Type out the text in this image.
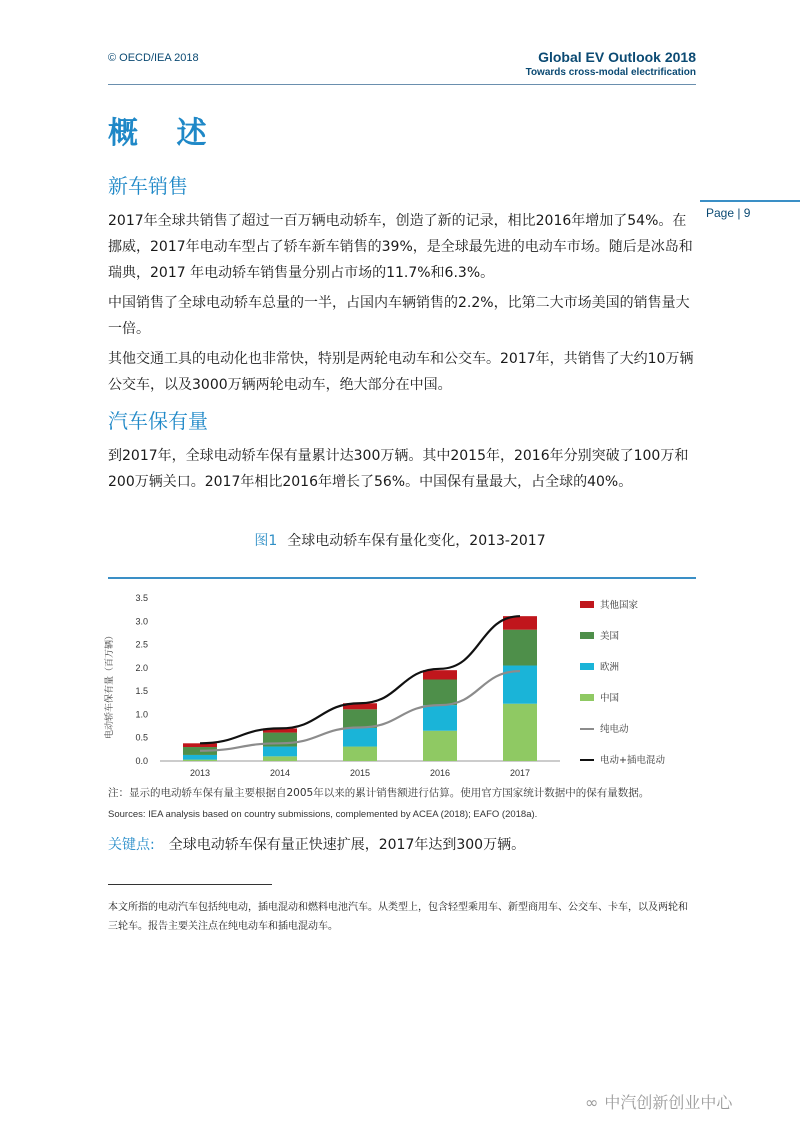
© OECD/IEA 2018	Global EV Outlook 2018
Towards cross-modal electrification
Page | 9
概 述
新车销售

2017年全球共销售了超过一百万辆电动轿车，创造了新的记录，相比2016年增加了54%。在挪威，2017年电动车型占了轿车新车销售的39%，是全球最先进的电动车市场。随后是冰岛和瑞典，2017 年电动轿车销售量分别占市场的11.7%和6.3%。

中国销售了全球电动轿车总量的一半，占国内车辆销售的2.2%，比第二大市场美国的销售量大一倍。

其他交通工具的电动化也非常快，特别是两轮电动车和公交车。2017年，共销售了大约10万辆公交车，以及3000万辆两轮电动车，绝大部分在中国。

汽车保有量

到2017年，全球电动轿车保有量累计达300万辆。其中2015年，2016年分别突破了100万和200万辆关口。2017年相比2016年增长了56%。中国保有量最大，占全球的40%。

图1 全球电动轿车保有量化变化，2013-2017
电动轿车保有量（百万辆）
0.0
0.5
1.0
1.5
2.0
2.5
3.0
3.5
2013	2014	2015	2016	2017
其他国家
美国
欧洲
中国
纯电动
电动+插电混动
注：显示的电动轿车保有量主要根据自2005年以来的累计销售额进行估算。使用官方国家统计数据中的保有量数据。
Sources: IEA analysis based on country submissions, complemented by ACEA (2018); EAFO (2018a).
关键点: 全球电动轿车保有量正快速扩展，2017年达到300万辆。
本文所指的电动汽车包括纯电动，插电混动和燃料电池汽车。从类型上，包含轻型乘用车、新型商用车、公交车、卡车，以及两轮和三轮车。报告主要关注点在纯电动车和插电混动车。
∞ 中汽创新创业中心
